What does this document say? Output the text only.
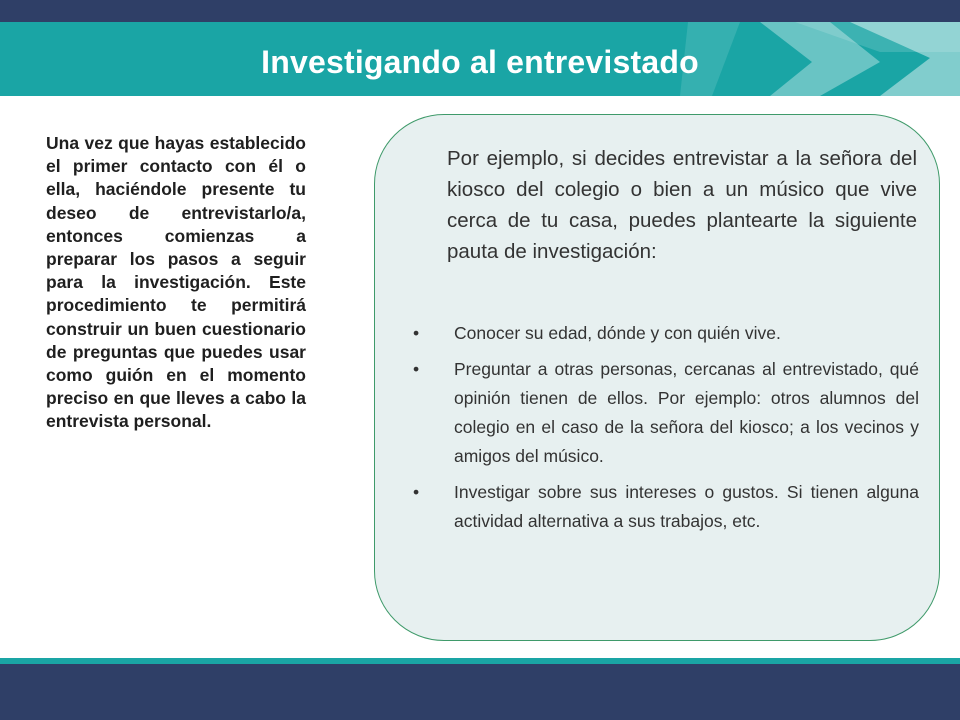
Investigando al entrevistado

Una vez que hayas establecido el primer contacto con él o ella, haciéndole presente tu deseo de entrevistarlo/a, entonces comienzas a preparar los pasos a seguir para la investigación. Este procedimiento te permitirá construir un buen cuestionario de preguntas que puedes usar como guión en el momento preciso en que lleves a cabo la entrevista personal.

Por ejemplo, si decides entrevistar a la señora del kiosco del colegio o bien a un músico que vive cerca de tu casa, puedes plantearte la siguiente pauta de investigación:

• Conocer su edad, dónde y con quién vive.
• Preguntar a otras personas, cercanas al entrevistado, qué opinión tienen de ellos. Por ejemplo: otros alumnos del colegio en el caso de la señora del kiosco; a los vecinos y amigos del músico.
• Investigar sobre sus intereses o gustos. Si tienen alguna actividad alternativa a sus trabajos, etc.
